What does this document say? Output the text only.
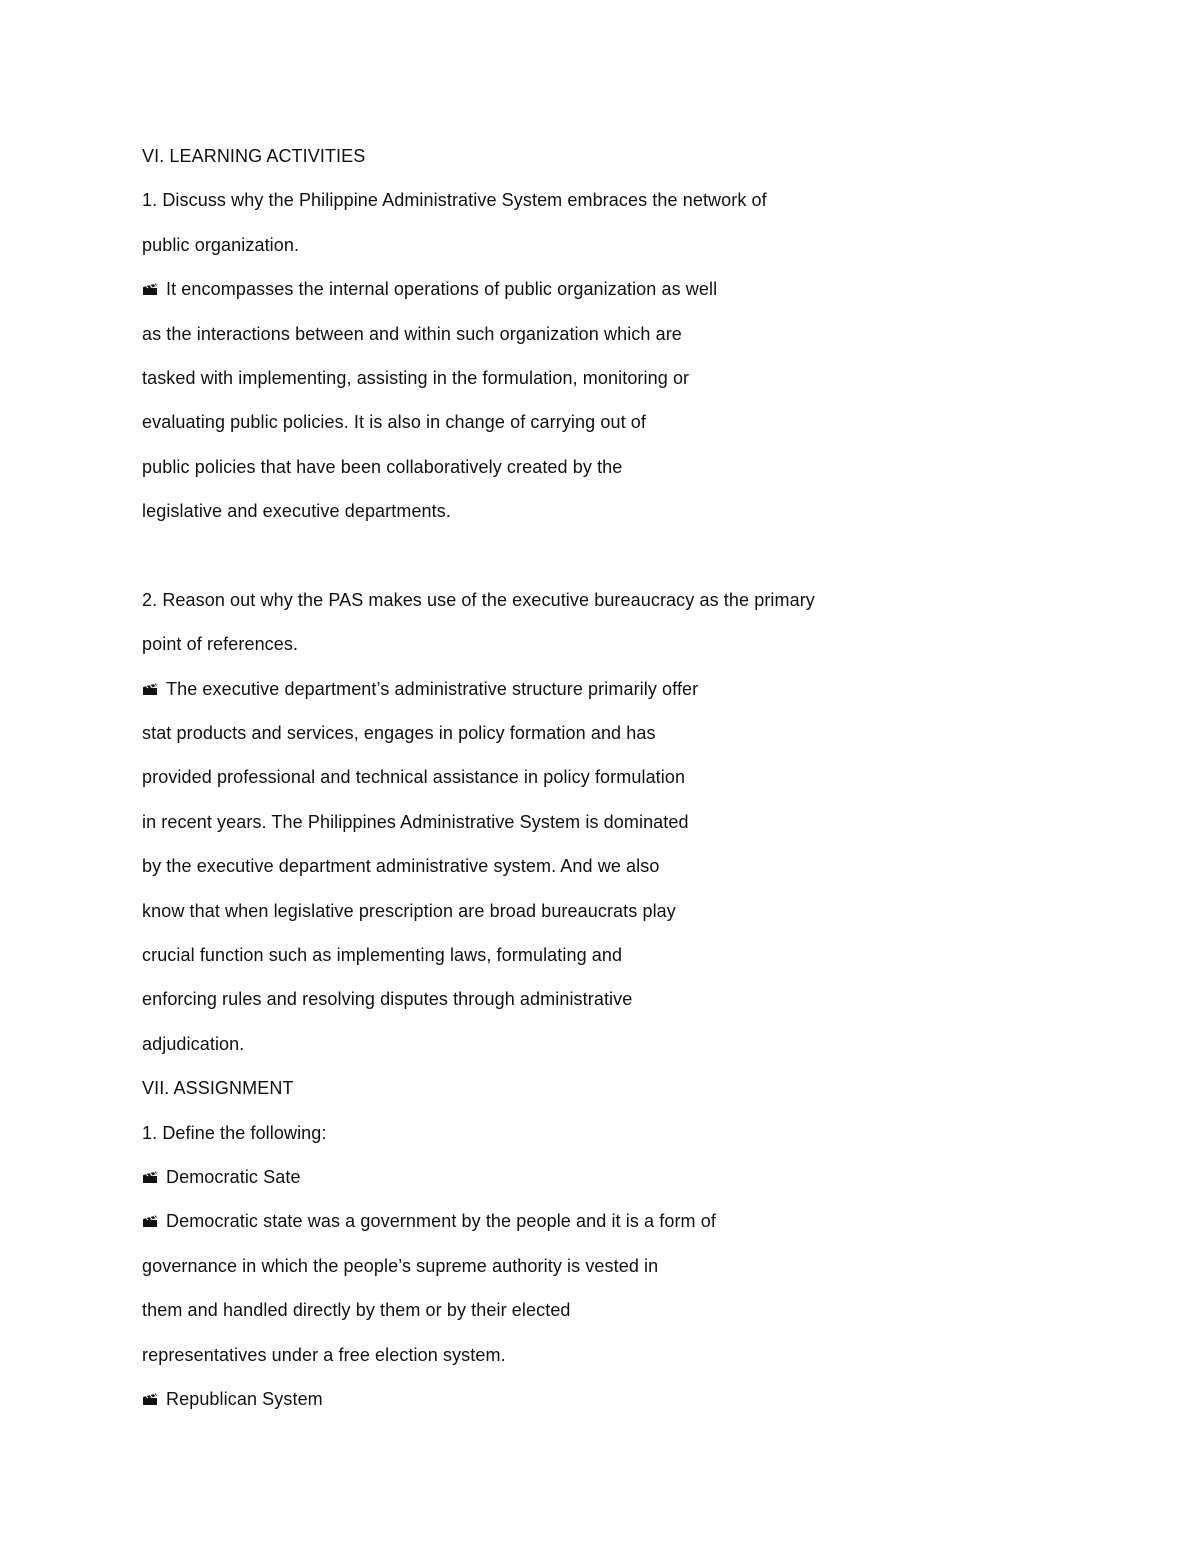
VI. LEARNING ACTIVITIES
1. Discuss why the Philippine Administrative System embraces the network of
public organization.
It encompasses the internal operations of public organization as well
as the interactions between and within such organization which are
tasked with implementing, assisting in the formulation, monitoring or
evaluating public policies. It is also in change of carrying out of
public policies that have been collaboratively created by the
legislative and executive departments.
2. Reason out why the PAS makes use of the executive bureaucracy as the primary
point of references.
The executive department’s administrative structure primarily offer
stat products and services, engages in policy formation and has
provided professional and technical assistance in policy formulation
in recent years. The Philippines Administrative System is dominated
by the executive department administrative system. And we also
know that when legislative prescription are broad bureaucrats play
crucial function such as implementing laws, formulating and
enforcing rules and resolving disputes through administrative
adjudication.
VII. ASSIGNMENT
1. Define the following:
Democratic Sate
Democratic state was a government by the people and it is a form of
governance in which the people’s supreme authority is vested in
them and handled directly by them or by their elected
representatives under a free election system.
Republican System
